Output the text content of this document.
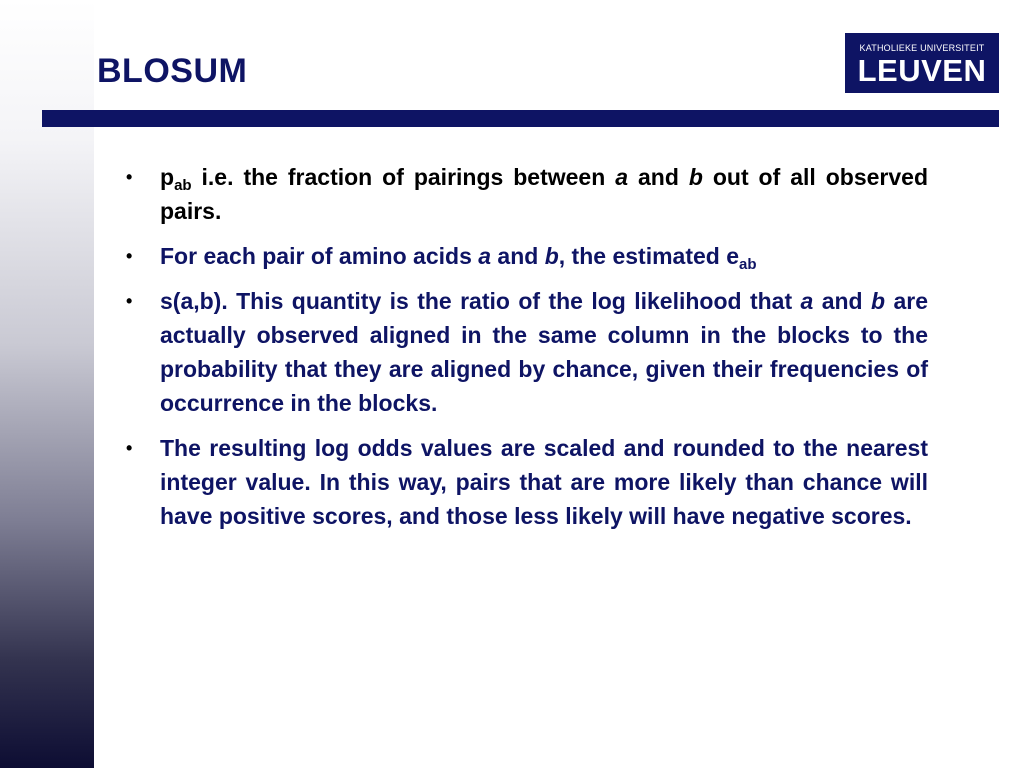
BLOSUM
KATHOLIEKE UNIVERSITEIT
LEUVEN
• $p_{ab}$ i.e. the fraction of pairings between a and b out of all observed pairs.
• For each pair of amino acids a and b, the estimated $e_{ab}$
• s(a,b). This quantity is the ratio of the log likelihood that a and b are actually observed aligned in the same column in the blocks to the probability that they are aligned by chance, given their frequencies of occurrence in the blocks.
• The resulting log odds values are scaled and rounded to the nearest integer value. In this way, pairs that are more likely than chance will have positive scores, and those less likely will have negative scores.
